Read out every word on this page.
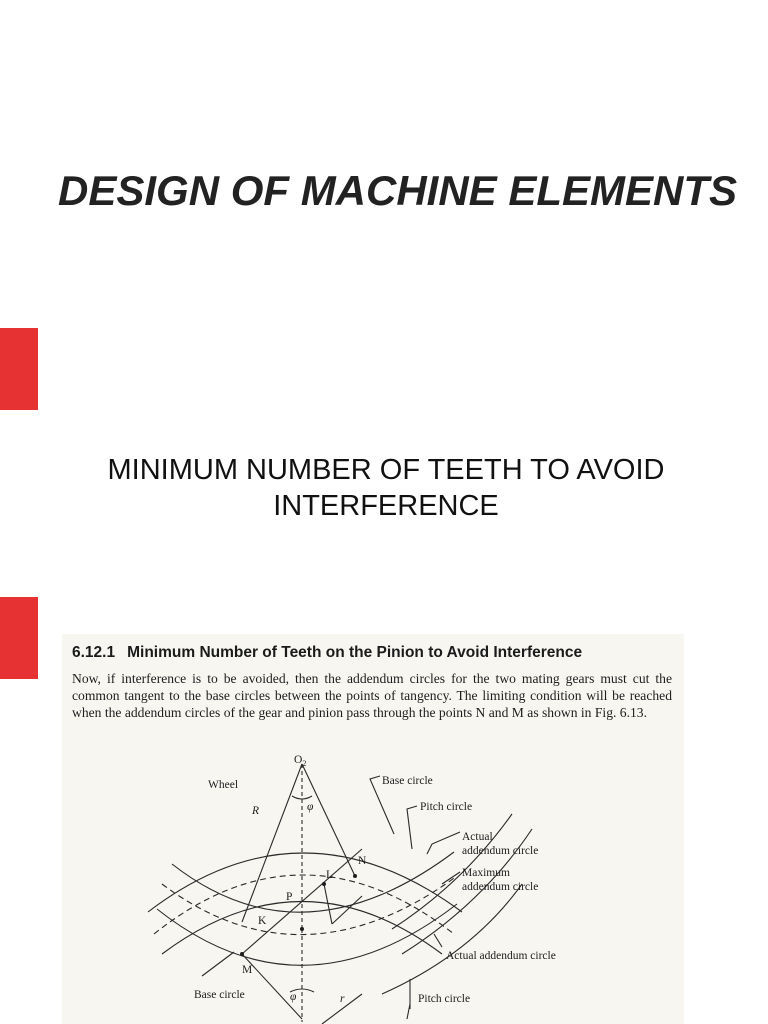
DESIGN OF MACHINE ELEMENTS

MINIMUM NUMBER OF TEETH TO AVOID INTERFERENCE

6.12.1 Minimum Number of Teeth on the Pinion to Avoid Interference
Now, if interference is to be avoided, then the addendum circles for the two mating gears must cut the common tangent to the base circles between the points of tangency. The limiting condition will be reached when the addendum circles of the gear and pinion pass through the points N and M as shown in Fig. 6.13.
$O_2$
Wheel
R	φ
N
L
P
K
M
Base circle
Pitch circle
Actual
addendum circle
Maximum
addendum circle
Actual addendum circle
Base circle	φ	Pitch circle
r
